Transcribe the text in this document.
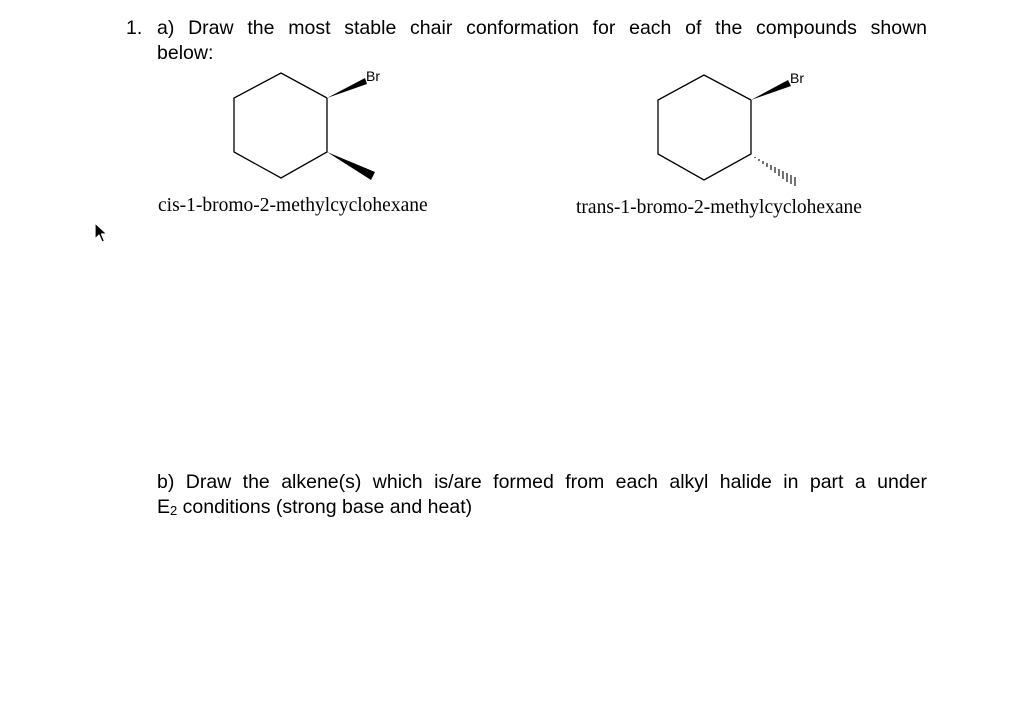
1. a) Draw the most stable chair conformation for each of the compounds shown
below:
Br
cis-1-bromo-2-methylcyclohexane
Br
trans-1-bromo-2-methylcyclohexane
b) Draw the alkene(s) which is/are formed from each alkyl halide in part a under
E2 conditions (strong base and heat)
